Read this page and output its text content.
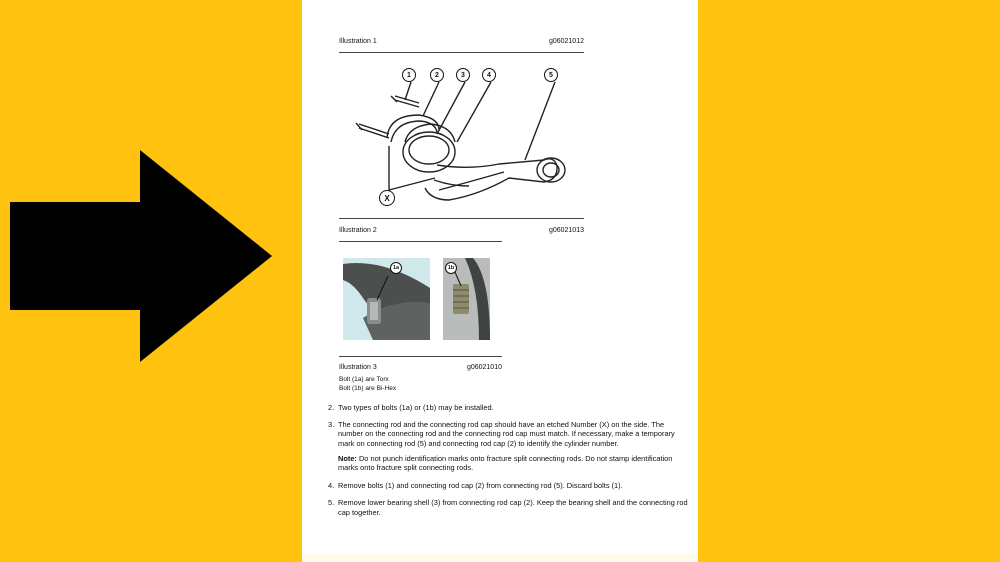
Illustration 1	g06021012
1	2	3	4	5
X
Illustration 2	g06021013
1a	1b
Illustration 3	g06021010
Bolt (1a) are Torx
Bolt (1b) are Bi-Hex
2. Two types of bolts (1a) or (1b) may be installed.
3. The connecting rod and the connecting rod cap should have an etched Number (X) on the side. The number on the connecting rod and the connecting rod cap must match. If necessary, make a temporary mark on connecting rod (5) and connecting rod cap (2) to identify the cylinder number.
Note: Do not punch identification marks onto fracture split connecting rods. Do not stamp identification marks onto fracture split connecting rods.
4. Remove bolts (1) and connecting rod cap (2) from connecting rod (5). Discard bolts (1).
5. Remove lower bearing shell (3) from connecting rod cap (2). Keep the bearing shell and the connecting rod cap together.
